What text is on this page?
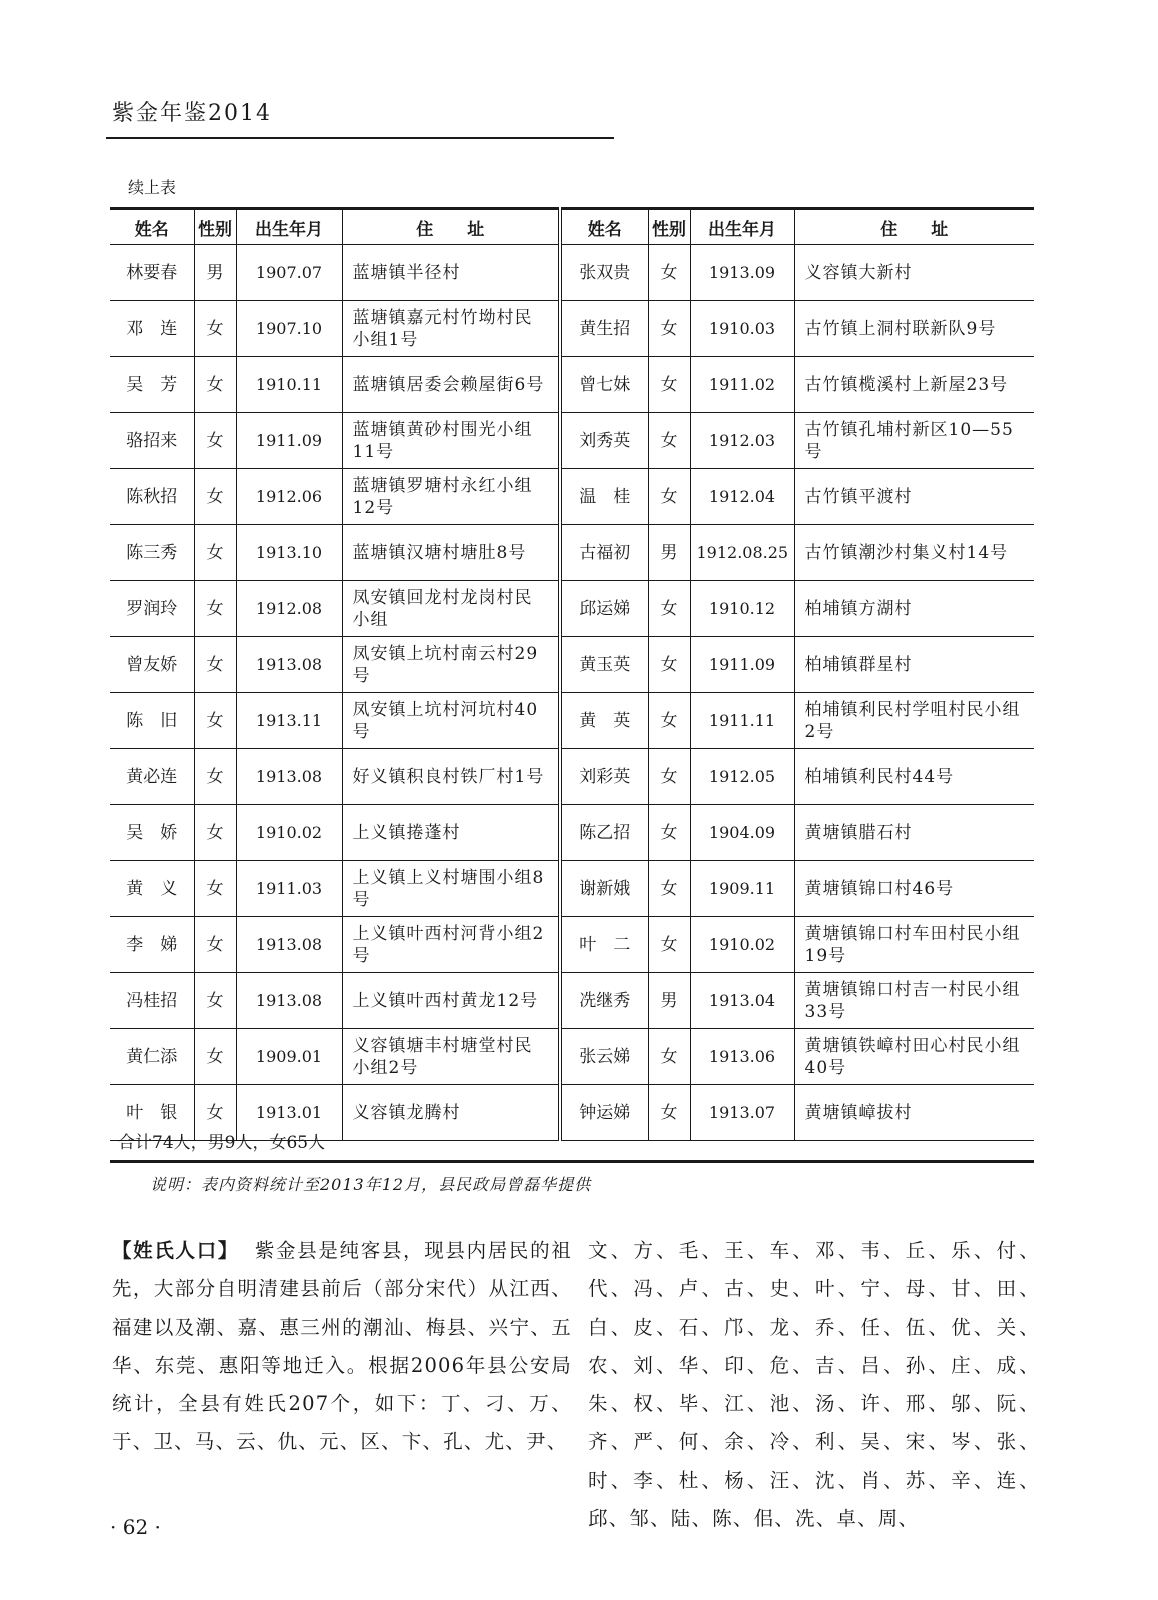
紫金年鉴2014
续上表
姓名	性别	出生年月	住　　址	姓名	性别	出生年月	住　　址
林要春	男	1907.07	蓝塘镇半径村	张双贵	女	1913.09	义容镇大新村
邓　连	女	1907.10	蓝塘镇嘉元村竹坳村民小组1号	黄生招	女	1910.03	古竹镇上洞村联新队9号
吴　芳	女	1910.11	蓝塘镇居委会赖屋街6号	曾七妹	女	1911.02	古竹镇榄溪村上新屋23号
骆招来	女	1911.09	蓝塘镇黄砂村围光小组11号	刘秀英	女	1912.03	古竹镇孔埔村新区10—55号
陈秋招	女	1912.06	蓝塘镇罗塘村永红小组12号	温　桂	女	1912.04	古竹镇平渡村
陈三秀	女	1913.10	蓝塘镇汉塘村塘肚8号	古福初	男	1912.08.25	古竹镇潮沙村集义村14号
罗润玲	女	1912.08	凤安镇回龙村龙岗村民小组	邱运娣	女	1910.12	柏埔镇方湖村
曾友娇	女	1913.08	凤安镇上坑村南云村29号	黄玉英	女	1911.09	柏埔镇群星村
陈　旧	女	1913.11	凤安镇上坑村河坑村40号	黄　英	女	1911.11	柏埔镇利民村学咀村民小组2号
黄必连	女	1913.08	好义镇积良村铁厂村1号	刘彩英	女	1912.05	柏埔镇利民村44号
吴　娇	女	1910.02	上义镇捲蓬村	陈乙招	女	1904.09	黄塘镇腊石村
黄　义	女	1911.03	上义镇上义村塘围小组8号	谢新娥	女	1909.11	黄塘镇锦口村46号
李　娣	女	1913.08	上义镇叶西村河背小组2号	叶　二	女	1910.02	黄塘镇锦口村车田村民小组19号
冯桂招	女	1913.08	上义镇叶西村黄龙12号	冼继秀	男	1913.04	黄塘镇锦口村吉一村民小组33号
黄仁添	女	1909.01	义容镇塘丰村塘堂村民小组2号	张云娣	女	1913.06	黄塘镇铁嶂村田心村民小组40号
叶　银	女	1913.01	义容镇龙腾村	钟运娣	女	1913.07	黄塘镇嶂拔村
合计74人，男9人，女65人
说明：表内资料统计至2013年12月，县民政局曾磊华提供
【姓氏人口】 紫金县是纯客县，现县内居民的祖先，大部分自明清建县前后（部分宋代）从江西、福建以及潮、嘉、惠三州的潮汕、梅县、兴宁、五华、东莞、惠阳等地迁入。根据2006年县公安局统计，全县有姓氏207个，如下：丁、刁、万、于、卫、马、云、仇、元、区、卞、孔、尤、尹、
文、方、毛、王、车、邓、韦、丘、乐、付、代、冯、卢、古、史、叶、宁、母、甘、田、白、皮、石、邝、龙、乔、任、伍、优、关、农、刘、华、印、危、吉、吕、孙、庄、成、朱、权、毕、江、池、汤、许、邢、邬、阮、齐、严、何、余、冷、利、吴、宋、岑、张、时、李、杜、杨、汪、沈、肖、苏、辛、连、邱、邹、陆、陈、佀、冼、卓、周、
· 62 ·
